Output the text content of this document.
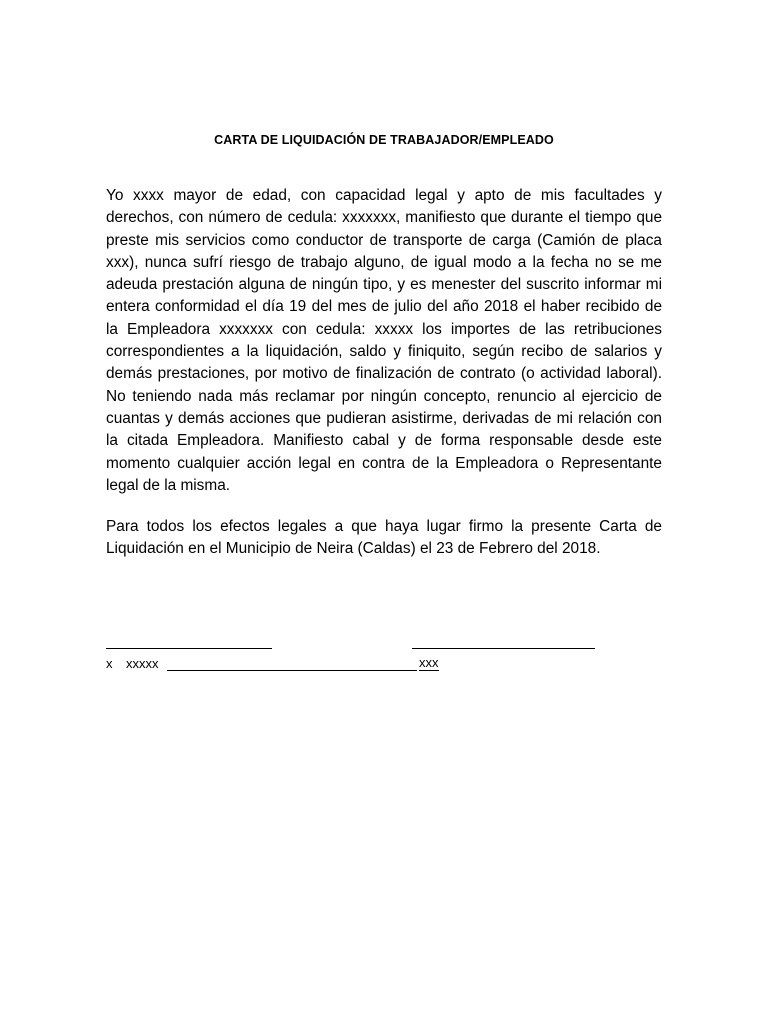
CARTA DE LIQUIDACIÓN DE TRABAJADOR/EMPLEADO

Yo xxxx mayor de edad, con capacidad legal y apto de mis facultades y derechos, con número de cedula: xxxxxxx, manifiesto que durante el tiempo que preste mis servicios como conductor de transporte de carga (Camión de placa xxx), nunca sufrí riesgo de trabajo alguno, de igual modo a la fecha no se me adeuda prestación alguna de ningún tipo, y es menester del suscrito informar mi entera conformidad el día 19 del mes de julio del año 2018 el haber recibido de la Empleadora xxxxxxx con cedula: xxxxx los importes de las retribuciones correspondientes a la liquidación, saldo y finiquito, según recibo de salarios y demás prestaciones, por motivo de finalización de contrato (o actividad laboral). No teniendo nada más reclamar por ningún concepto, renuncio al ejercicio de cuantas y demás acciones que pudieran asistirme, derivadas de mi relación con la citada Empleadora. Manifiesto cabal y de forma responsable desde este momento cualquier acción legal en contra de la Empleadora o Representante legal de la misma.

Para todos los efectos legales a que haya lugar firmo la presente Carta de Liquidación en el Municipio de Neira (Caldas) el 23 de Febrero del 2018.

x xxxxx	xxx
